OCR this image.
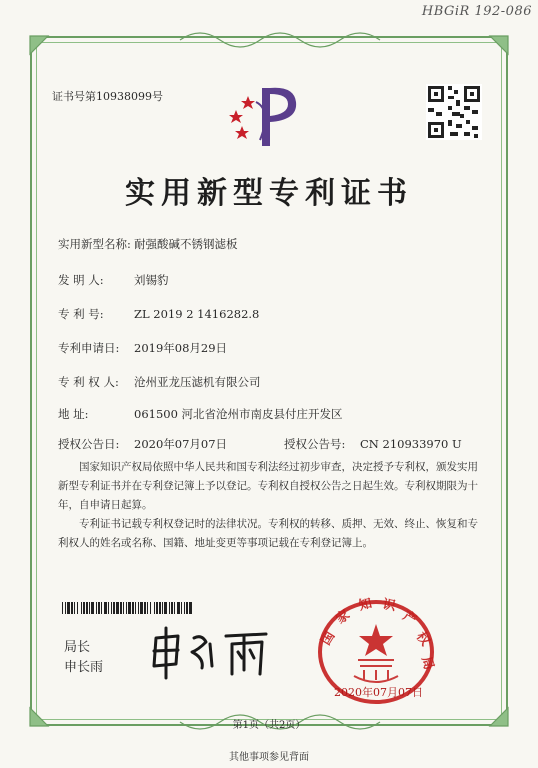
HBGiR 192-086
证书号第10938099号
实用新型专利证书
实用新型名称: 耐强酸碱不锈钢滤板
发 明 人:	刘锡豹
专 利 号:	ZL 2019 2 1416282.8
专利申请日: 2019年08月29日
专 利 权 人: 沧州亚龙压滤机有限公司
地 址:	061500 河北省沧州市南皮县付庄开发区
授权公告日: 2020年07月07日	授权公告号: CN 210933970 U

国家知识产权局依照中华人民共和国专利法经过初步审查，决定授予专利权，颁发实用新型专利证书并在专利登记簿上予以登记。专利权自授权公告之日起生效。专利权期限为十年，自申请日起算。

专利证书记载专利权登记时的法律状况。专利权的转移、质押、无效、终止、恢复和专利权人的姓名或名称、国籍、地址变更等事项记载在专利登记簿上。

局长
申长雨
国
家
知 识
产
权
局
2020年07月07日
第1页（共2页）
其他事项参见背面
